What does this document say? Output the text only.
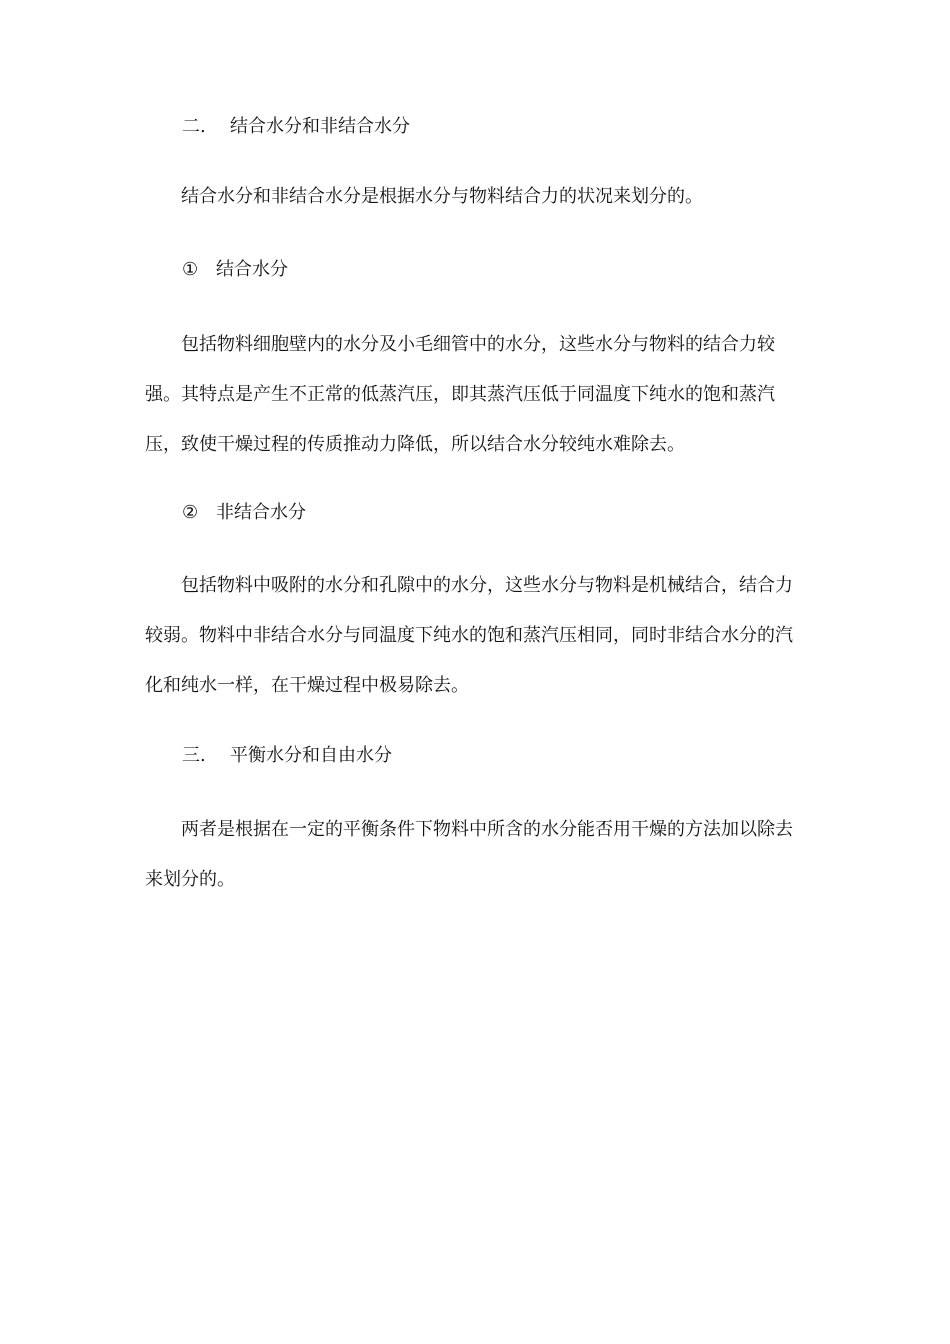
二. 结合水分和非结合水分

结合水分和非结合水分是根据水分与物料结合力的状况来划分的。

① 结合水分

包括物料细胞壁内的水分及小毛细管中的水分，这些水分与物料的结合力较强。其特点是产生不正常的低蒸汽压，即其蒸汽压低于同温度下纯水的饱和蒸汽压，致使干燥过程的传质推动力降低，所以结合水分较纯水难除去。

② 非结合水分

包括物料中吸附的水分和孔隙中的水分，这些水分与物料是机械结合，结合力较弱。物料中非结合水分与同温度下纯水的饱和蒸汽压相同，同时非结合水分的汽化和纯水一样，在干燥过程中极易除去。

三. 平衡水分和自由水分

两者是根据在一定的平衡条件下物料中所含的水分能否用干燥的方法加以除去来划分的。
